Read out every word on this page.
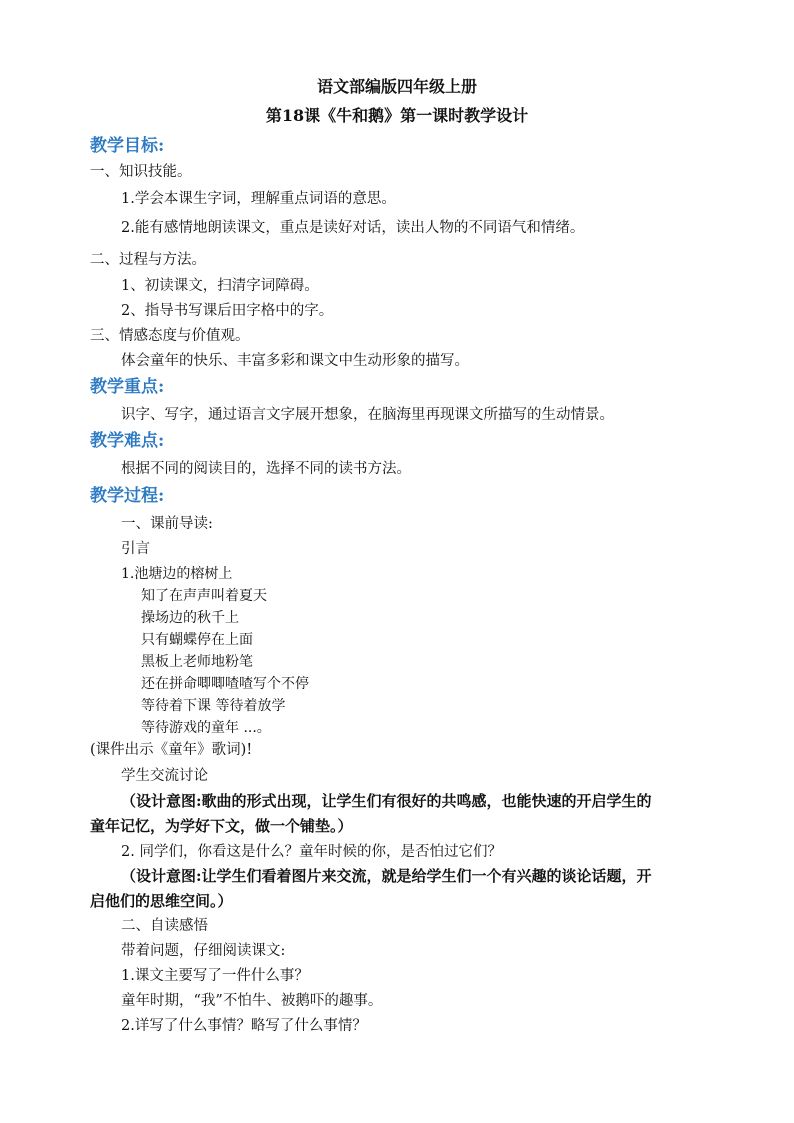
语文部编版四年级上册
第18课《牛和鹅》第一课时教学设计
教学目标:
一、知识技能。
1.学会本课生字词，理解重点词语的意思。
2.能有感情地朗读课文，重点是读好对话，读出人物的不同语气和情绪。
二、过程与方法。
1、初读课文，扫清字词障碍。
2、指导书写课后田字格中的字。
三、情感态度与价值观。
体会童年的快乐、丰富多彩和课文中生动形象的描写。
教学重点:
识字、写字，通过语言文字展开想象，在脑海里再现课文所描写的生动情景。
教学难点:
根据不同的阅读目的，选择不同的读书方法。
教学过程:
一、课前导读:
引言
1.池塘边的榕树上
知了在声声叫着夏天
操场边的秋千上
只有蝴蝶停在上面
黑板上老师地粉笔
还在拼命唧唧喳喳写个不停
等待着下课 等待着放学
等待游戏的童年 ...。
(课件出示《童年》歌词)!
学生交流讨论
（设计意图:歌曲的形式出现，让学生们有很好的共鸣感，也能快速的开启学生的
童年记忆，为学好下文，做一个铺垫。）
2. 同学们，你看这是什么？童年时候的你，是否怕过它们？
（设计意图:让学生们看着图片来交流，就是给学生们一个有兴趣的谈论话题，开
启他们的思维空间。）
二、自读感悟
带着问题，仔细阅读课文:
1.课文主要写了一件什么事？
童年时期，“我”不怕牛、被鹅吓的趣事。
2.详写了什么事情？略写了什么事情？
